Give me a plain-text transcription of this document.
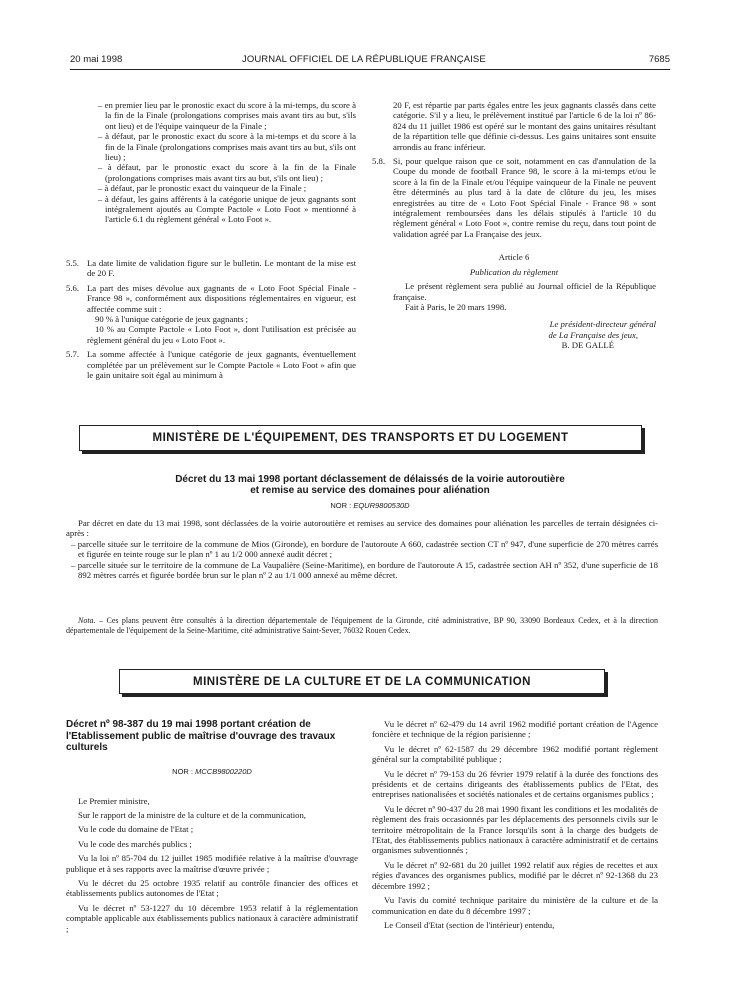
20 mai 1998	JOURNAL OFFICIEL DE LA RÉPUBLIQUE FRANÇAISE	7685

– en premier lieu par le pronostic exact du score à la mi-temps, du score à la fin de la Finale (prolongations comprises mais avant tirs au but, s'ils ont lieu) et de l'équipe vainqueur de la Finale ;

– à défaut, par le pronostic exact du score à la mi-temps et du score à la fin de la Finale (prolongations comprises mais avant tirs au but, s'ils ont lieu) ;

– à défaut, par le pronostic exact du score à la fin de la Finale (prolongations comprises mais avant tirs au but, s'ils ont lieu) ;

– à défaut, par le pronostic exact du vainqueur de la Finale ;

– à défaut, les gains afférents à la catégorie unique de jeux gagnants sont intégralement ajoutés au Compte Pactole « Loto Foot » mentionné à l'article 6.1 du règlement général « Loto Foot ».

5.5. La date limite de validation figure sur le bulletin. Le montant de la mise est de 20 F.

5.6. La part des mises dévolue aux gagnants de « Loto Foot Spécial Finale - France 98 », conformément aux dispositions réglementaires en vigueur, est affectée comme suit :

90 % à l'unique catégorie de jeux gagnants ;

10 % au Compte Pactole « Loto Foot », dont l'utilisation est précisée au règlement général du jeu « Loto Foot ».

5.7. La somme affectée à l'unique catégorie de jeux gagnants, éventuellement complétée par un prélèvement sur le Compte Pactole « Loto Foot » afin que le gain unitaire soit égal au minimum à

20 F, est répartie par parts égales entre les jeux gagnants classés dans cette catégorie. S'il y a lieu, le prélèvement institué par l'article 6 de la loi nº 86-824 du 11 juillet 1986 est opéré sur le montant des gains unitaires résultant de la répartition telle que définie ci-dessus. Les gains unitaires sont ensuite arrondis au franc inférieur.

5.8. Si, pour quelque raison que ce soit, notamment en cas d'annulation de la Coupe du monde de football France 98, le score à la mi-temps et/ou le score à la fin de la Finale et/ou l'équipe vainqueur de la Finale ne peuvent être déterminés au plus tard à la date de clôture du jeu, les mises enregistrées au titre de « Loto Foot Spécial Finale - France 98 » sont intégralement remboursées dans les délais stipulés à l'article 10 du règlement général « Loto Foot », contre remise du reçu, dans tout point de validation agréé par La Française des jeux.

Article 6

Publication du règlement

Le présent règlement sera publié au Journal officiel de la République française.

Fait à Paris, le 20 mars 1998.

Le président-directeur général

de La Française des jeux,

B. DE GALLÉ

MINISTÈRE DE L'ÉQUIPEMENT, DES TRANSPORTS ET DU LOGEMENT
Décret du 13 mai 1998 portant déclassement de délaissés de la voirie autoroutière
et remise au service des domaines pour aliénation
NOR : EQUR9800530D

Par décret en date du 13 mai 1998, sont déclassées de la voirie autoroutière et remises au service des domaines pour aliénation les parcelles de terrain désignées ci-après :

– parcelle située sur le territoire de la commune de Mios (Gironde), en bordure de l'autoroute A 660, cadastrée section CT nº 947, d'une superficie de 270 mètres carrés et figurée en teinte rouge sur le plan nº 1 au 1/2 000 annexé audit décret ;

– parcelle située sur le territoire de la commune de La Vaupalière (Seine-Maritime), en bordure de l'autoroute A 15, cadastrée section AH nº 352, d'une superficie de 18 892 mètres carrés et figurée bordée brun sur le plan nº 2 au 1/1 000 annexé au même décret.

Nota. – Ces plans peuvent être consultés à la direction départementale de l'équipement de la Gironde, cité administrative, BP 90, 33090 Bordeaux Cedex, et à la direction départementale de l'équipement de la Seine-Maritime, cité administrative Saint-Sever, 76032 Rouen Cedex.

MINISTÈRE DE LA CULTURE ET DE LA COMMUNICATION
Décret nº 98-387 du 19 mai 1998 portant création de l'Etablissement public de maîtrise d'ouvrage des travaux culturels
NOR : MCCB9800220D

Le Premier ministre,

Sur le rapport de la ministre de la culture et de la communication,

Vu le code du domaine de l'Etat ;

Vu le code des marchés publics ;

Vu la loi nº 85-704 du 12 juillet 1985 modifiée relative à la maîtrise d'ouvrage publique et à ses rapports avec la maîtrise d'œuvre privée ;

Vu le décret du 25 octobre 1935 relatif au contrôle financier des offices et établissements publics autonomes de l'Etat ;

Vu le décret nº 53-1227 du 10 décembre 1953 relatif à la réglementation comptable applicable aux établissements publics nationaux à caractère administratif ;

Vu le décret nº 62-479 du 14 avril 1962 modifié portant création de l'Agence foncière et technique de la région parisienne ;

Vu le décret nº 62-1587 du 29 décembre 1962 modifié portant règlement général sur la comptabilité publique ;

Vu le décret nº 79-153 du 26 février 1979 relatif à la durée des fonctions des présidents et de certains dirigeants des établissements publics de l'Etat, des entreprises nationalisées et sociétés nationales et de certains organismes publics ;

Vu le décret nº 90-437 du 28 mai 1990 fixant les conditions et les modalités de règlement des frais occasionnés par les déplacements des personnels civils sur le territoire métropolitain de la France lorsqu'ils sont à la charge des budgets de l'Etat, des établissements publics nationaux à caractère administratif et de certains organismes subventionnés ;

Vu le décret nº 92-681 du 20 juillet 1992 relatif aux régies de recettes et aux régies d'avances des organismes publics, modifié par le décret nº 92-1368 du 23 décembre 1992 ;

Vu l'avis du comité technique paritaire du ministère de la culture et de la communication en date du 8 décembre 1997 ;

Le Conseil d'Etat (section de l'intérieur) entendu,
